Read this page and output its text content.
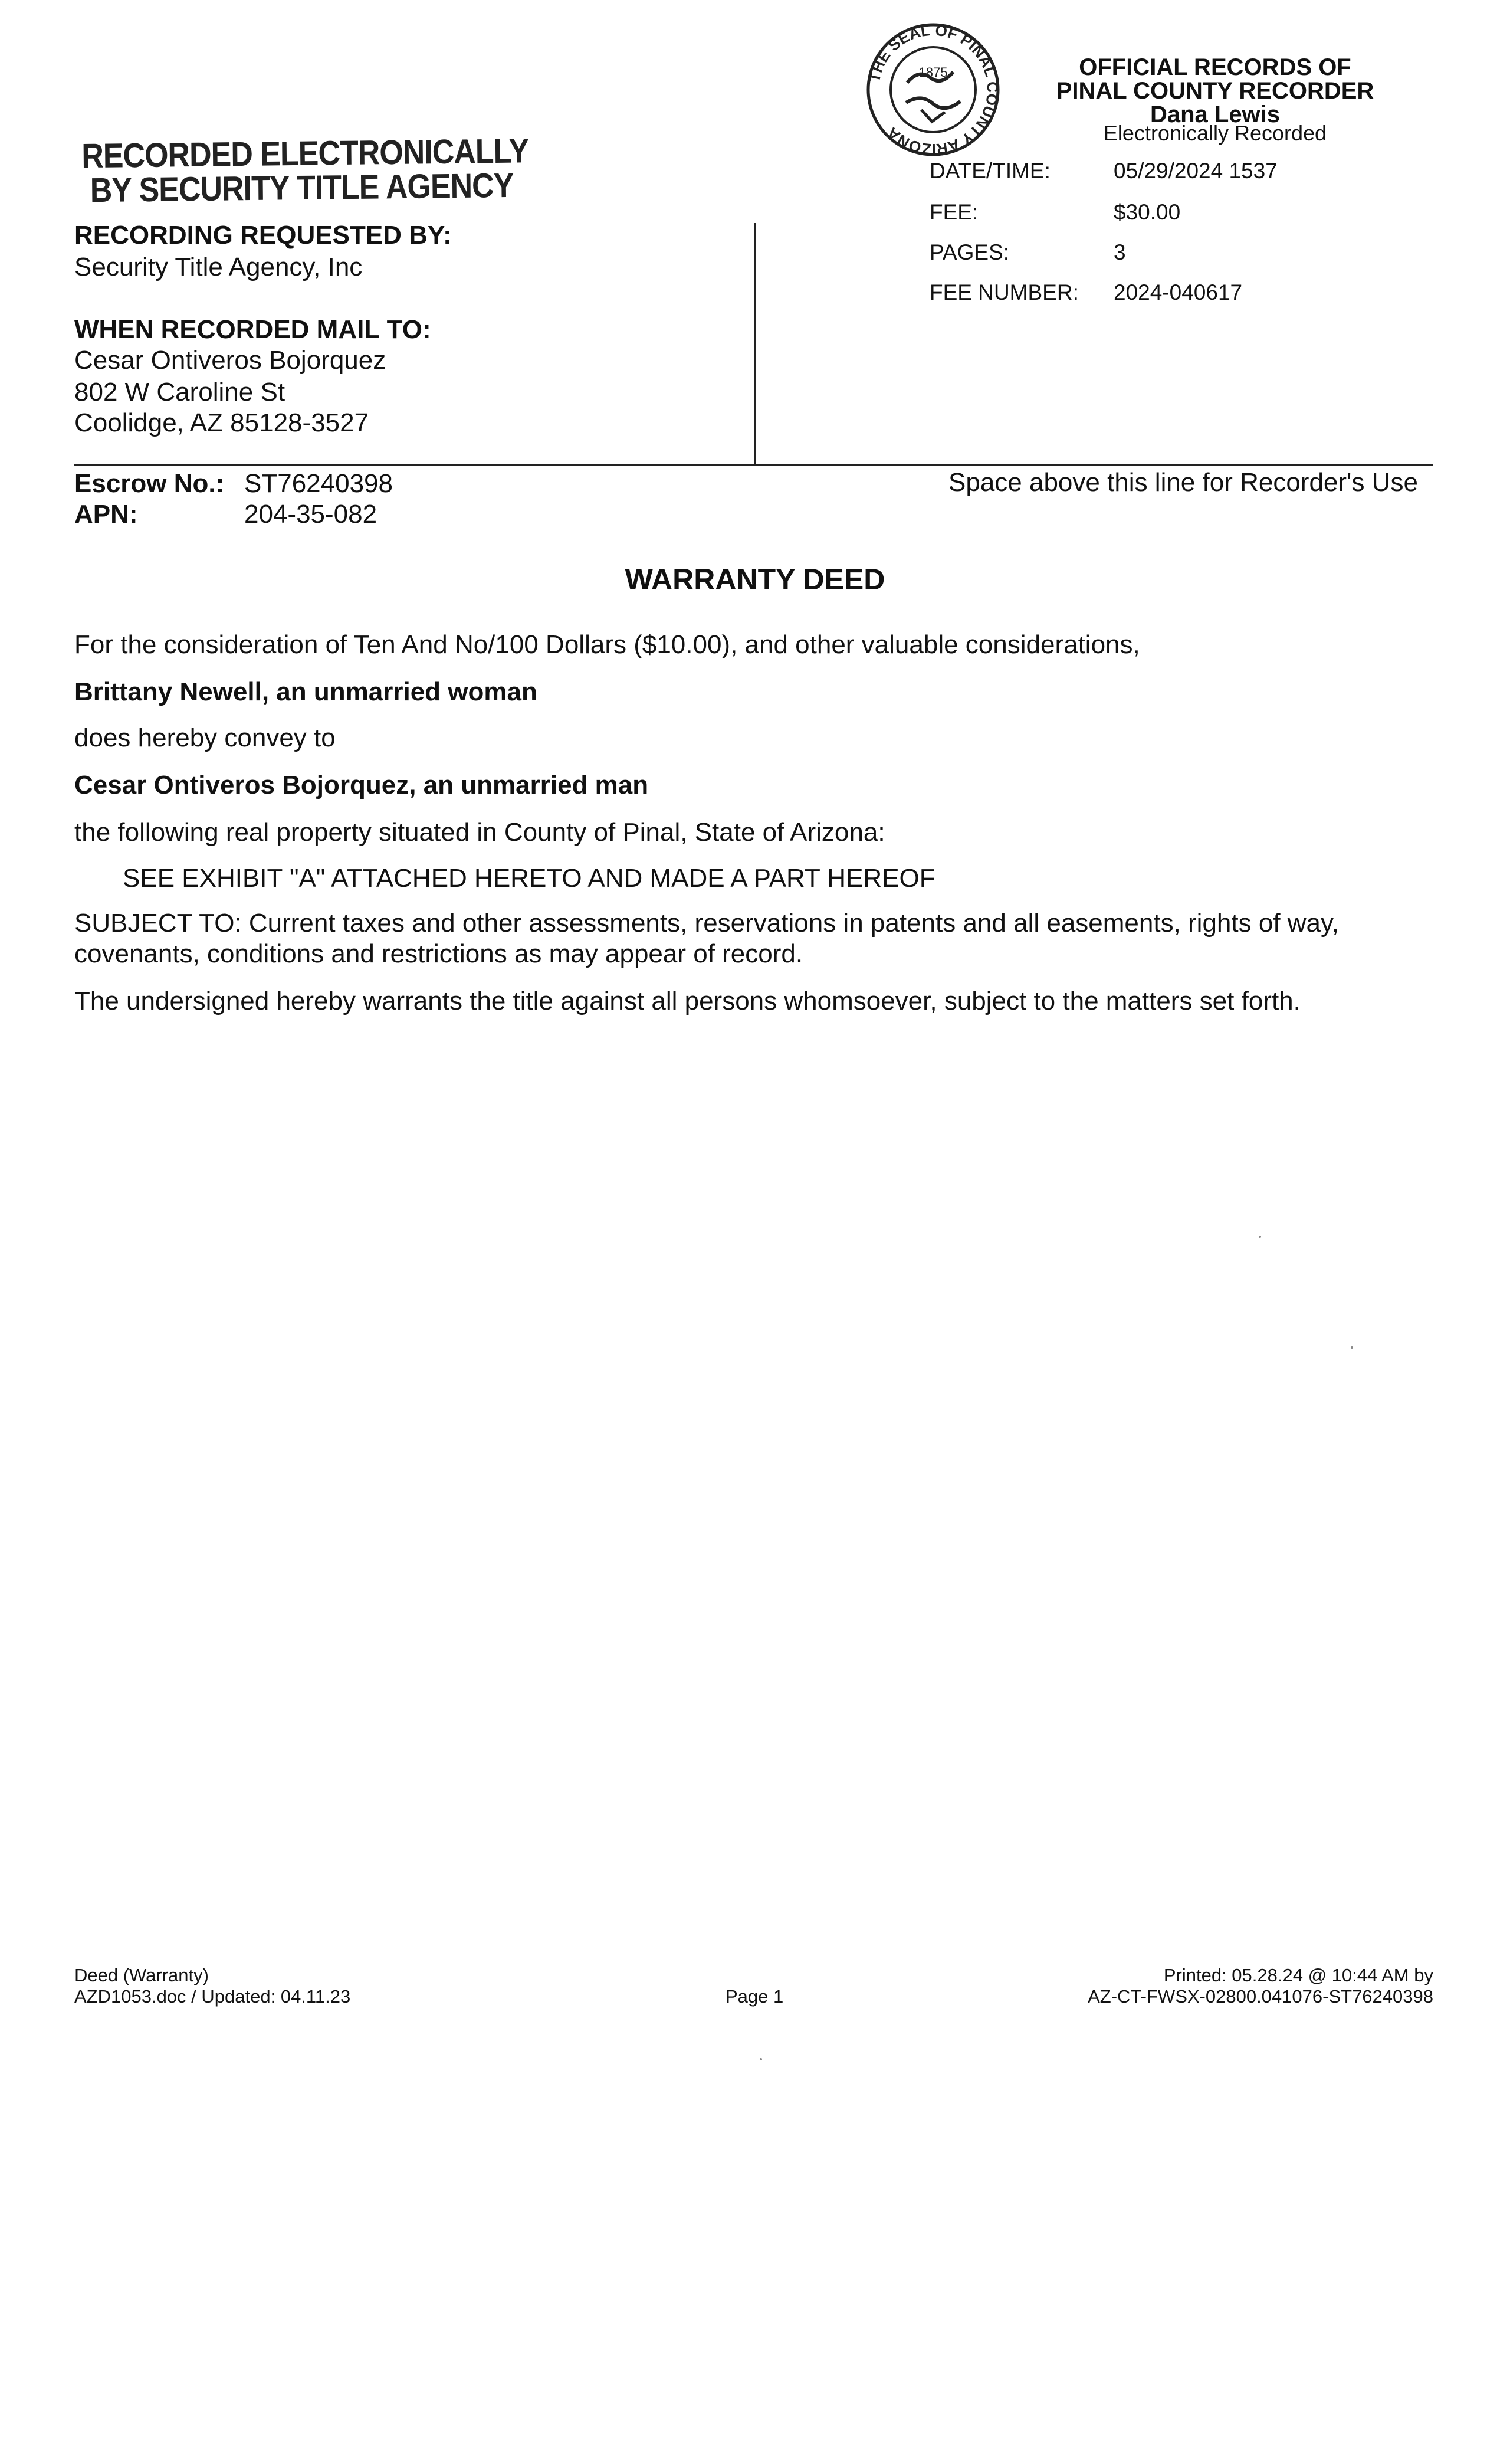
RECORDED ELECTRONICALLY
BY SECURITY TITLE AGENCY
RECORDING REQUESTED BY:
Security Title Agency, Inc
WHEN RECORDED MAIL TO:
Cesar Ontiveros Bojorquez
802 W Caroline St
Coolidge, AZ 85128-3527
THE SEAL OF PINAL COUNTY ARIZONA
1875	OFFICIAL RECORDS OF
PINAL COUNTY RECORDER
Dana Lewis
Electronically Recorded
DATE/TIME:	05/29/2024 1537
FEE:	$30.00
PAGES:	3
FEE NUMBER: 2024-040617
Space above this line for Recorder's Use
Escrow No.: ST76240398
APN:	204-35-082
WARRANTY DEED
For the consideration of Ten And No/100 Dollars ($10.00), and other valuable considerations,
Brittany Newell, an unmarried woman
does hereby convey to
Cesar Ontiveros Bojorquez, an unmarried man
the following real property situated in County of Pinal, State of Arizona:
SEE EXHIBIT "A" ATTACHED HERETO AND MADE A PART HEREOF
SUBJECT TO: Current taxes and other assessments, reservations in patents and all easements, rights of way,
covenants, conditions and restrictions as may appear of record.
The undersigned hereby warrants the title against all persons whomsoever, subject to the matters set forth.
Deed (Warranty)
AZD1053.doc / Updated: 04.11.23	Page 1
Printed: 05.28.24 @ 10:44 AM by
AZ-CT-FWSX-02800.041076-ST76240398
